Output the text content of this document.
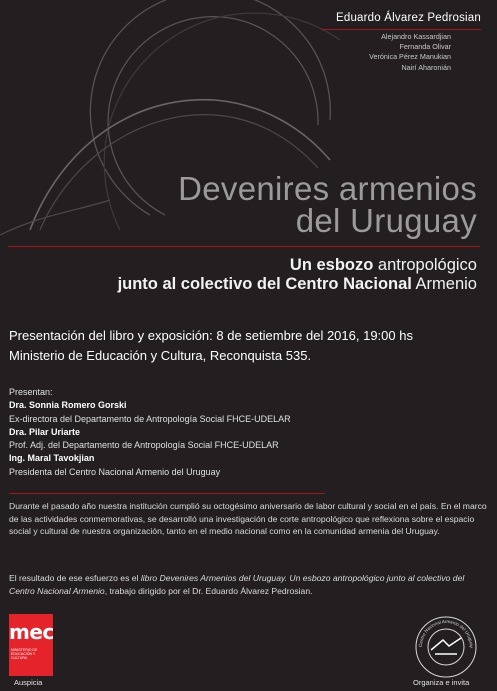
Eduardo Álvarez Pedrosian
Alejandro Kassardjian
Fernanda Olivar
Verónica Pérez Manukian
Nairí Aharonián
Devenires armenios
del Uruguay
Un esbozo antropológico
junto al colectivo del Centro Nacional Armenio
Presentación del libro y exposición: 8 de setiembre del 2016, 19:00 hs
Ministerio de Educación y Cultura, Reconquista 535.
Presentan:
Dra. Sonnia Romero Gorski
Ex-directora del Departamento de Antropología Social FHCE-UDELAR
Dra. Pilar Uriarte
Prof. Adj. del Departamento de Antropología Social FHCE-UDELAR
Ing. Maral Tavokjian
Presidenta del Centro Nacional Armenio del Uruguay
Durante el pasado año nuestra institución cumplió su octogésimo aniversario de labor cultural y social en el país. En el marco de las actividades conmemorativas, se desarrolló una investigación de corte antropológico que reflexiona sobre el espacio social y cultural de nuestra organización, tanto en el medio nacional como en la comunidad armenia del Uruguay.
El resultado de ese esfuerzo es el libro Devenires Armenios del Uruguay. Un esbozo antropológico junto al colectivo del Centro Nacional Armenio, trabajo dirigido por el Dr. Eduardo Álvarez Pedrosian.
mec
MINISTERIO DE EDUCACIÓN Y CULTURA
Auspicia
Centro Nacional Armenio del Uruguay
Organiza e invita
